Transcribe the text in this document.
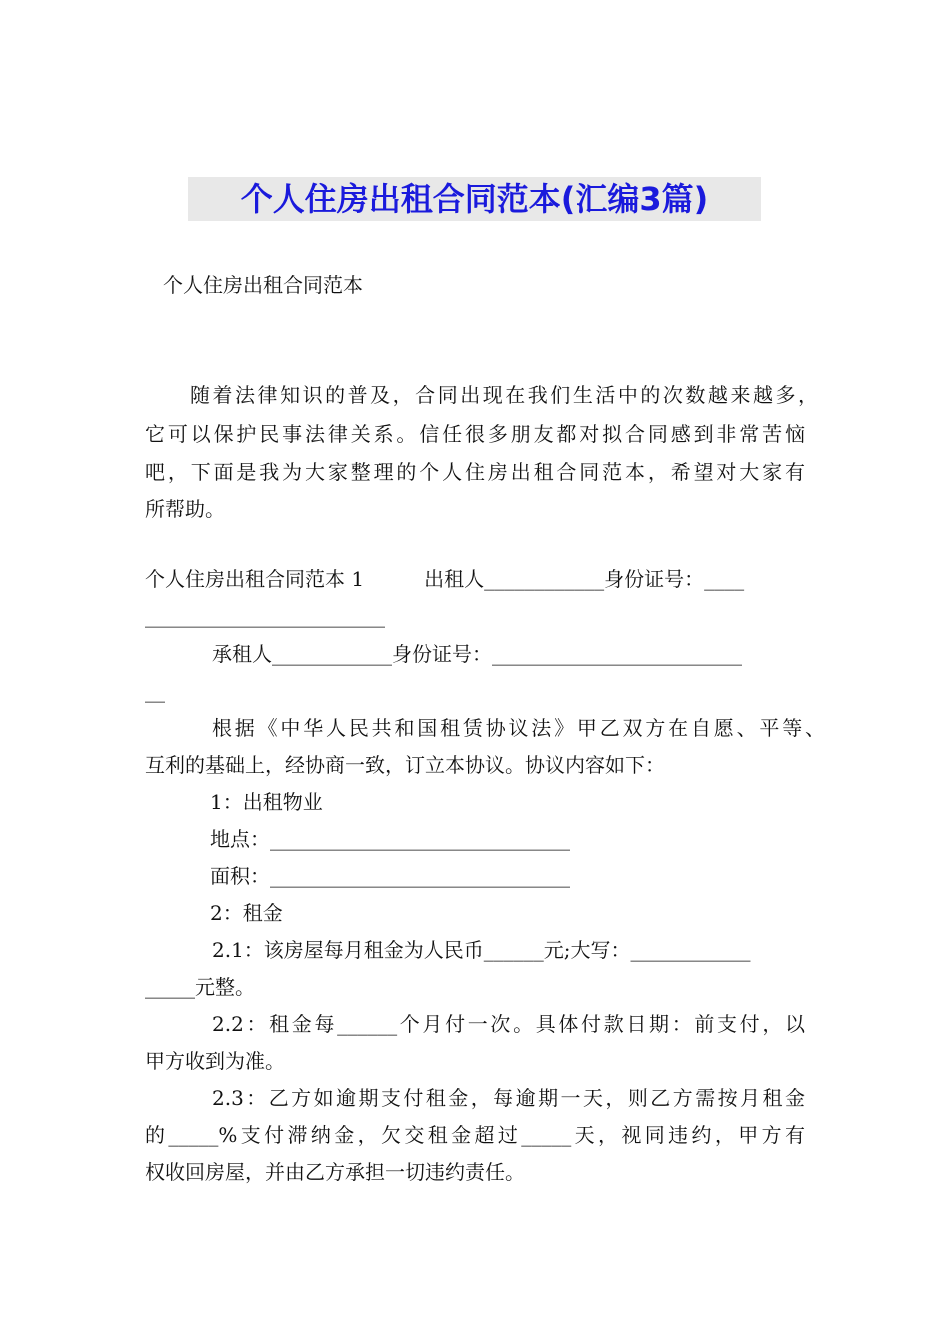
个人住房出租合同范本(汇编3篇)
个人住房出租合同范本
随着法律知识的普及，合同出现在我们生活中的次数越来越多，
它可以保护民事法律关系。信任很多朋友都对拟合同感到非常苦恼
吧，下面是我为大家整理的个人住房出租合同范本，希望对大家有
所帮助。
个人住房出租合同范本 1　　　出租人____________身份证号：____
________________________
承租人____________身份证号：_________________________
__
根据《中华人民共和国租赁协议法》甲乙双方在自愿、平等、
互利的基础上，经协商一致，订立本协议。协议内容如下：
1：出租物业
地点：______________________________
面积：______________________________
2：租金
2.1：该房屋每月租金为人民币______元;大写：____________
_____元整。
2.2：租金每______个月付一次。具体付款日期：前支付，以
甲方收到为准。
2.3：乙方如逾期支付租金，每逾期一天，则乙方需按月租金
的_____%支付滞纳金，欠交租金超过_____天，视同违约，甲方有
权收回房屋，并由乙方承担一切违约责任。
